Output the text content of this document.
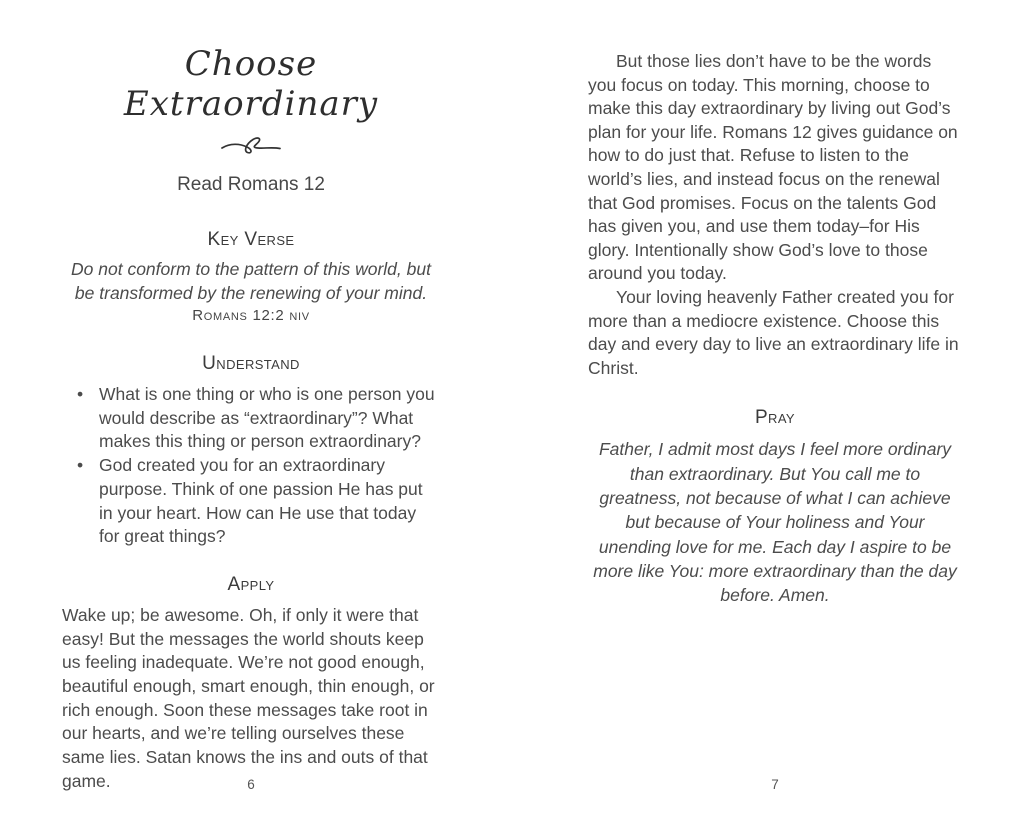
Choose Extraordinary
Read Romans 12
Key Verse

Do not conform to the pattern of this world, but be transformed by the renewing of your mind.

Romans 12:2 niv
Understand
• What is one thing or who is one person you would describe as “extraordinary”? What makes this thing or person extraordinary?
• God created you for an extraordinary purpose. Think of one passion He has put in your heart. How can He use that today for great things?
Apply

Wake up; be awesome. Oh, if only it were that easy! But the messages the world shouts keep us feeling inadequate. We’re not good enough, beautiful enough, smart enough, thin enough, or rich enough. Soon these messages take root in our hearts, and we’re telling ourselves these same lies. Satan knows the ins and outs of that game.	6

But those lies don’t have to be the words you focus on today. This morning, choose to make this day extraordinary by living out God’s plan for your life. Romans 12 gives guidance on how to do just that. Refuse to listen to the world’s lies, and instead focus on the renewal that God promises. Focus on the talents God has given you, and use them today–for His glory. Intentionally show God’s love to those around you today.

Your loving heavenly Father created you for more than a mediocre existence. Choose this day and every day to live an extraordinary life in Christ.

Pray

Father, I admit most days I feel more ordinary than extraordinary. But You call me to greatness, not because of what I can achieve but because of Your holiness and Your unending love for me. Each day I aspire to be more like You: more extraordinary than the day before. Amen.

7
